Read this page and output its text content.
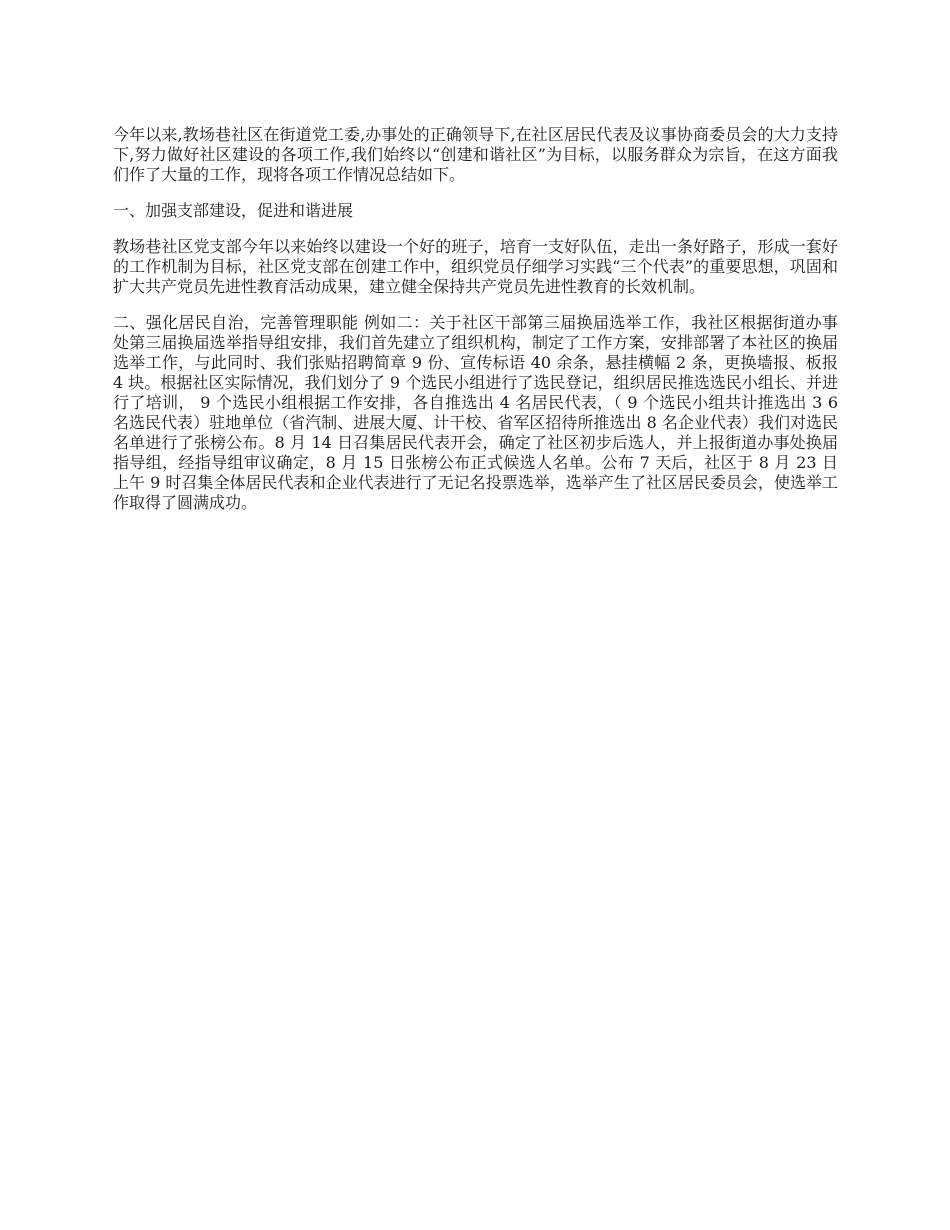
今年以来,教场巷社区在街道党工委,办事处的正确领导下,在社区居民代表及议事协商委员会的大力支持下,努力做好社区建设的各项工作,我们始终以“创建和谐社区”为目标，以服务群众为宗旨，在这方面我们作了大量的工作，现将各项工作情况总结如下。

一、加强支部建设，促进和谐进展

教场巷社区党支部今年以来始终以建设一个好的班子，培育一支好队伍，走出一条好路子，形成一套好的工作机制为目标，社区党支部在创建工作中，组织党员仔细学习实践“三个代表”的重要思想，巩固和扩大共产党员先进性教育活动成果，建立健全保持共产党员先进性教育的长效机制。

二、强化居民自治，完善管理职能 例如二：关于社区干部第三届换届选举工作，我社区根据街道办事处第三届换届选举指导组安排，我们首先建立了组织机构，制定了工作方案，安排部署了本社区的换届选举工作，与此同时、我们张贴招聘简章 9 份、宣传标语 40 余条，悬挂横幅 2 条，更换墙报、板报 4 块。根据社区实际情况，我们划分了 9 个选民小组进行了选民登记，组织居民推选选民小组长、并进行了培训， 9 个选民小组根据工作安排，各自推选出 4 名居民代表，（ 9 个选民小组共计推选出 3 6 名选民代表）驻地单位（省汽制、进展大厦、计干校、省军区招待所推选出 8 名企业代表）我们对选民名单进行了张榜公布。8 月 14 日召集居民代表开会，确定了社区初步后选人，并上报街道办事处换届指导组，经指导组审议确定，8 月 15 日张榜公布正式候选人名单。公布 7 天后，社区于 8 月 23 日上午 9 时召集全体居民代表和企业代表进行了无记名投票选举，选举产生了社区居民委员会，使选举工作取得了圆满成功。
